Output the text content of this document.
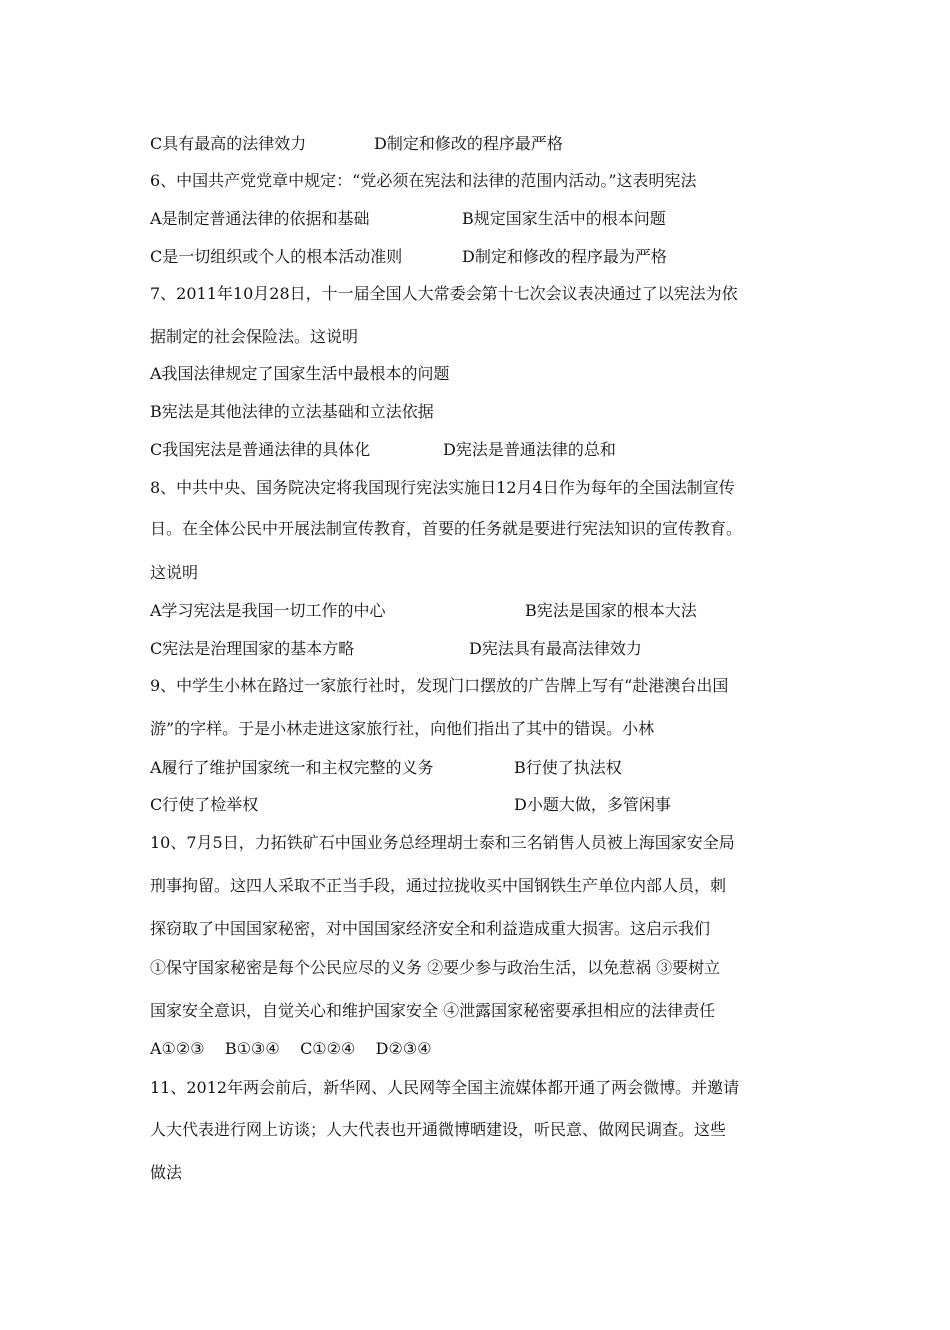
C具有最高的法律效力	D制定和修改的程序最严格
6、中国共产党党章中规定：“党必须在宪法和法律的范围内活动。”这表明宪法
A是制定普通法律的依据和基础	B规定国家生活中的根本问题
C是一切组织或个人的根本活动准则	D制定和修改的程序最为严格
7、2011年10月28日，十一届全国人大常委会第十七次会议表决通过了以宪法为依
据制定的社会保险法。这说明
A我国法律规定了国家生活中最根本的问题
B宪法是其他法律的立法基础和立法依据
C我国宪法是普通法律的具体化	D宪法是普通法律的总和
8、中共中央、国务院决定将我国现行宪法实施日12月4日作为每年的全国法制宣传
日。在全体公民中开展法制宣传教育，首要的任务就是要进行宪法知识的宣传教育。
这说明
A学习宪法是我国一切工作的中心	B宪法是国家的根本大法
C宪法是治理国家的基本方略	D宪法具有最高法律效力
9、中学生小林在路过一家旅行社时，发现门口摆放的广告牌上写有“赴港澳台出国
游”的字样。于是小林走进这家旅行社，向他们指出了其中的错误。小林
A履行了维护国家统一和主权完整的义务	B行使了执法权
C行使了检举权	D小题大做，多管闲事
10、7月5日，力拓铁矿石中国业务总经理胡士泰和三名销售人员被上海国家安全局
刑事拘留。这四人采取不正当手段，通过拉拢收买中国钢铁生产单位内部人员，刺
探窃取了中国国家秘密，对中国国家经济安全和利益造成重大损害。这启示我们
①保守国家秘密是每个公民应尽的义务 ②要少参与政治生活，以免惹祸 ③要树立
国家安全意识，自觉关心和维护国家安全 ④泄露国家秘密要承担相应的法律责任
A①②③    B①③④    C①②④    D②③④
11、2012年两会前后，新华网、人民网等全国主流媒体都开通了两会微博。并邀请
人大代表进行网上访谈；人大代表也开通微博晒建设，听民意、做网民调查。这些
做法
